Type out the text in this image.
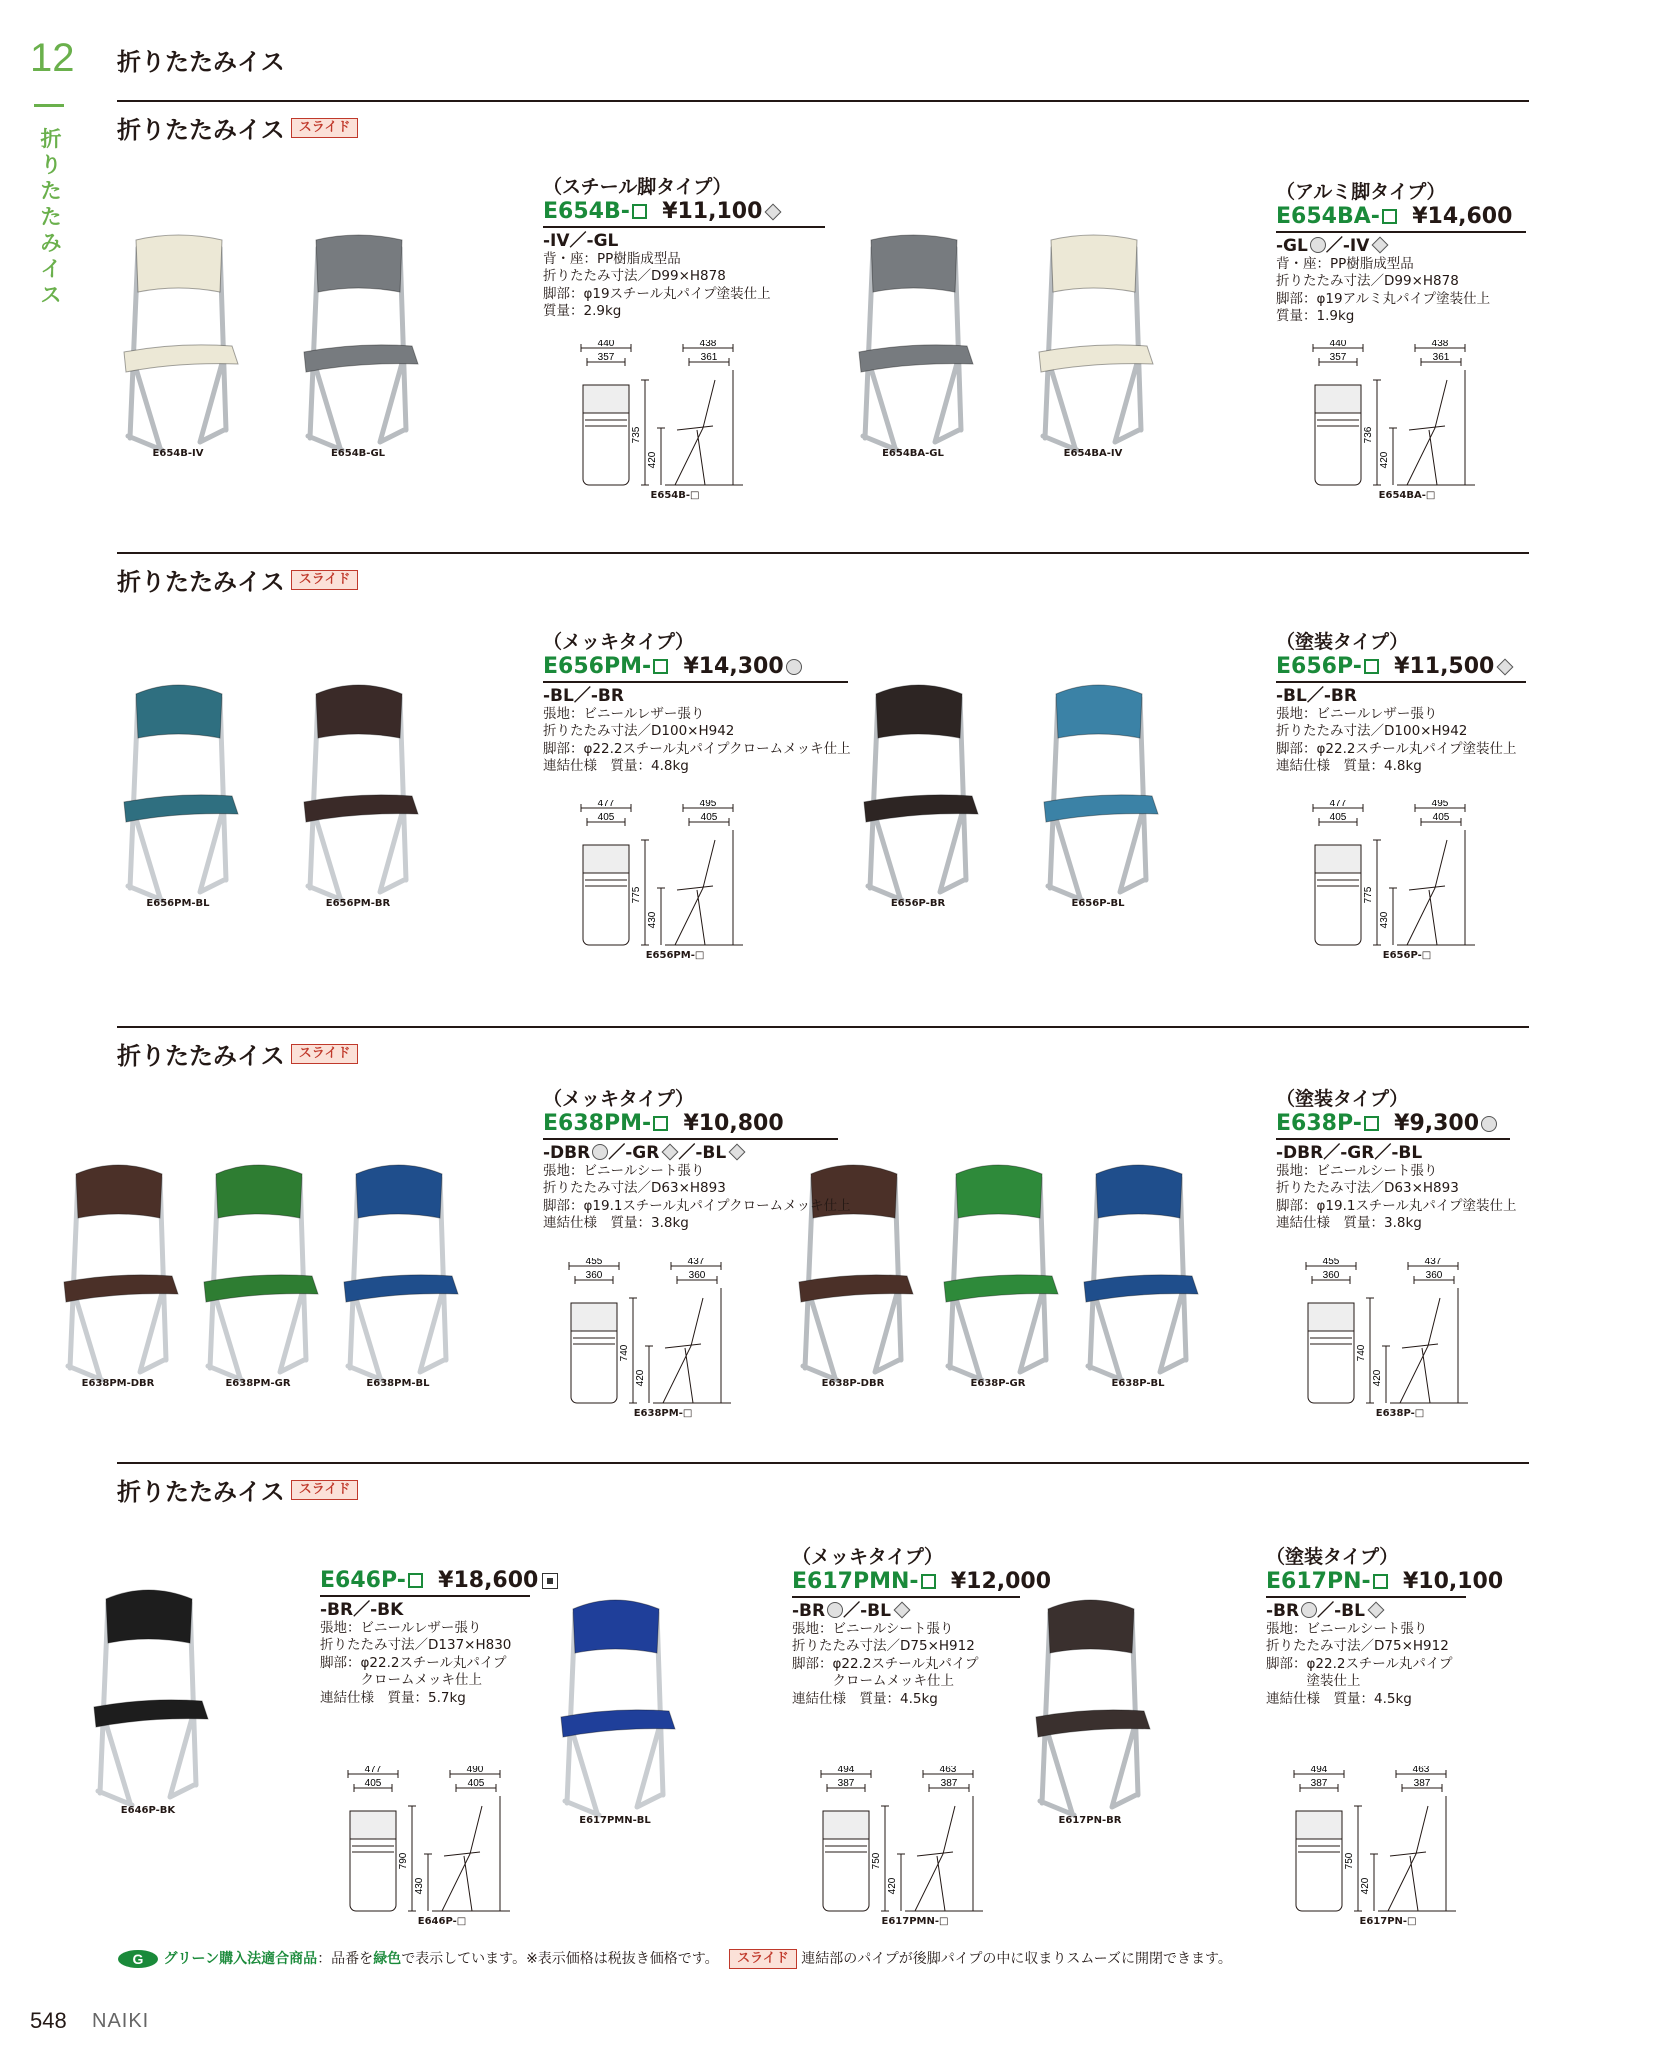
12
折りたたみイス
折りたたみイス
折りたたみイス スライド
折りたたみイス スライド
折りたたみイス スライド
折りたたみイス スライド
E654B-IV	E654B-GL
440
357
438
361
735
420
E654B-□
E654BA-GL	E654BA-IV
440
357
438
361
736
420
E654BA-□
E656PM-BL	E656PM-BR
477
405
495
405
775
430
E656PM-□
E656P-BR	E656P-BL
477
405
495
405
775
430
E656P-□
E638PM-DBR	E638PM-GR	E638PM-BL
455
360
437
360
740
420
E638PM-□
E638P-DBR	E638P-GR	E638P-BL
455
360
437
360
740
420
E638P-□
E646P-BK
477
405
490
405
790
430
E646P-□
E617PMN-BL
494
387
463
387
750
420
E617PMN-□
E617PN-BR
494
387
463
387
750
420
E617PN-□
（スチール脚タイプ）
E654B- ¥11,100
-IV／-GL
背・座：PP樹脂成型品
折りたたみ寸法／D99×H878
脚部：φ19スチール丸パイプ塗装仕上
質量：2.9kg
（アルミ脚タイプ）
E654BA- ¥14,600
-GL ／-IV
背・座：PP樹脂成型品
折りたたみ寸法／D99×H878
脚部：φ19アルミ丸パイプ塗装仕上
質量：1.9kg
（メッキタイプ）
E656PM- ¥14,300
-BL／-BR
張地：ビニールレザー張り
折りたたみ寸法／D100×H942
脚部：φ22.2スチール丸パイプクロームメッキ仕上
連結仕様　質量：4.8kg
（塗装タイプ）
E656P- ¥11,500
-BL／-BR
張地：ビニールレザー張り
折りたたみ寸法／D100×H942
脚部：φ22.2スチール丸パイプ塗装仕上
連結仕様　質量：4.8kg
（メッキタイプ）
E638PM- ¥10,800
-DBR ／-GR ／-BL
張地：ビニールシート張り
折りたたみ寸法／D63×H893
脚部：φ19.1スチール丸パイプクロームメッキ仕上
連結仕様　質量：3.8kg
（塗装タイプ）
E638P- ¥9,300
-DBR／-GR／-BL
張地：ビニールシート張り
折りたたみ寸法／D63×H893
脚部：φ19.1スチール丸パイプ塗装仕上
連結仕様　質量：3.8kg
E646P- ¥18,600
-BR／-BK
張地：ビニールレザー張り
折りたたみ寸法／D137×H830
脚部：φ22.2スチール丸パイプ
　　　クロームメッキ仕上
連結仕様　質量：5.7kg
（メッキタイプ）
E617PMN- ¥12,000
-BR ／-BL
張地：ビニールシート張り
折りたたみ寸法／D75×H912
脚部：φ22.2スチール丸パイプ
　　　クロームメッキ仕上
連結仕様　質量：4.5kg
（塗装タイプ）
E617PN- ¥10,100
-BR ／-BL
張地：ビニールシート張り
折りたたみ寸法／D75×H912
脚部：φ22.2スチール丸パイプ
　　　塗装仕上
連結仕様　質量：4.5kg
G グリーン購入法適合商品：品番を緑色で表示しています。※表示価格は税抜き価格です。 スライド 連結部のパイプが後脚パイプの中に収まりスムーズに開閉できます。
548 NAIKI
